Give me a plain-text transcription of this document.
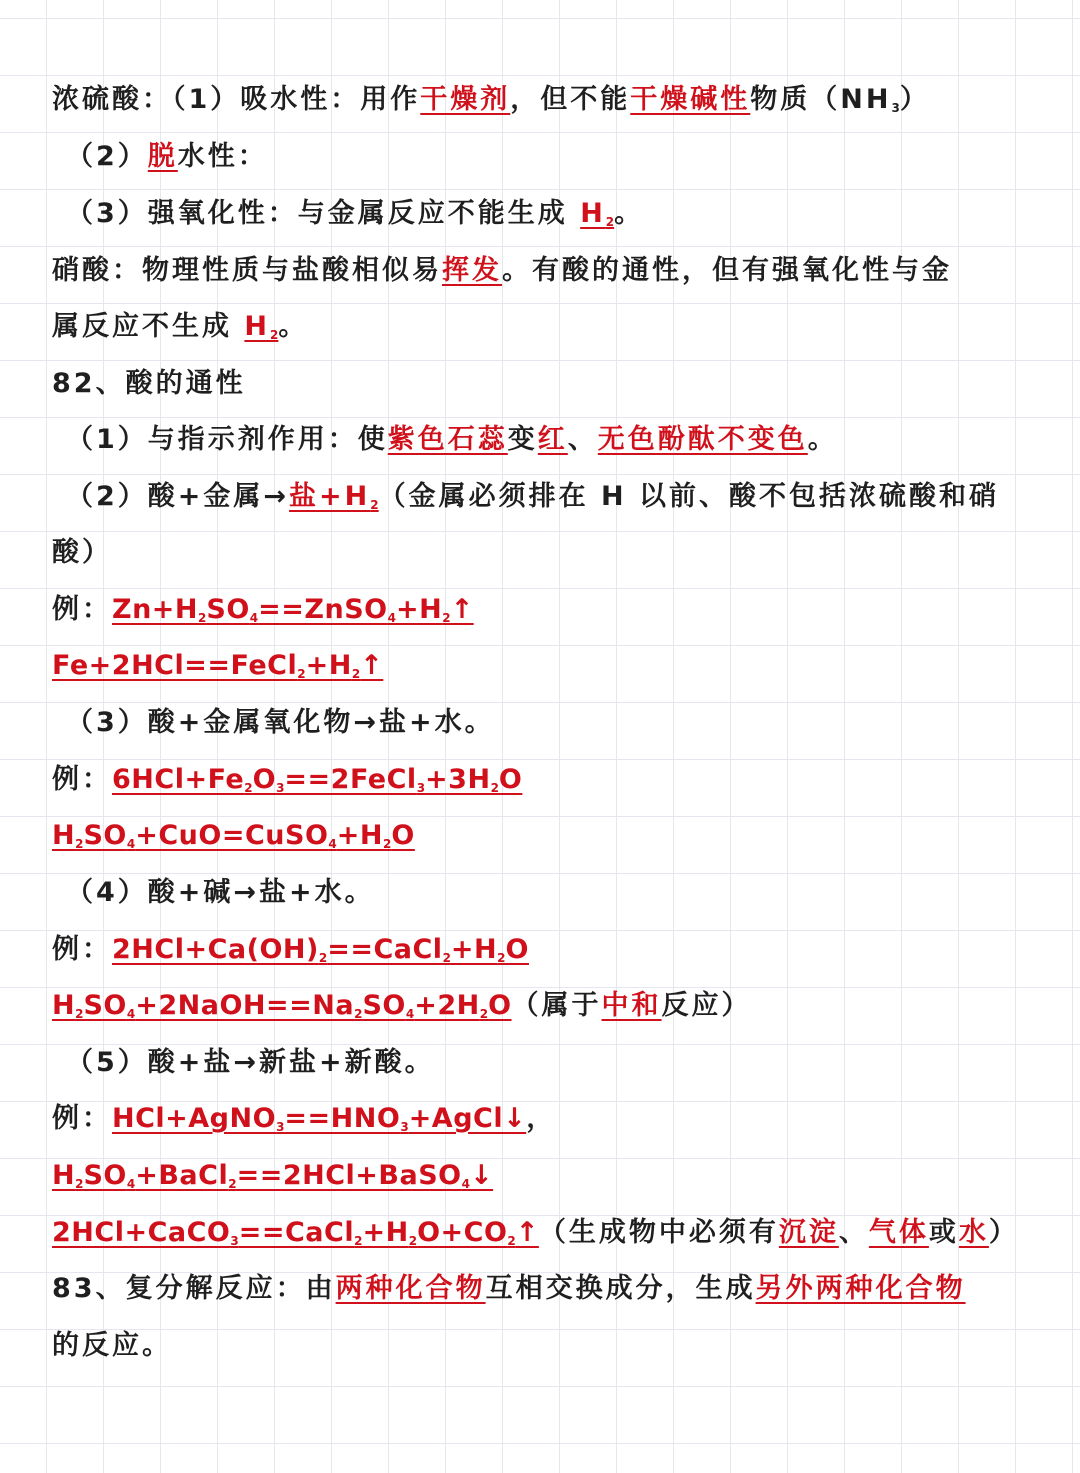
浓硫酸：（1）吸水性：用作干燥剂，但不能干燥碱性物质$(NH_3)$
（2）脱水性：
（3）强氧化性：与金属反应不能生成 $H_2$。
硝酸：物理性质与盐酸相似易挥发。有酸的通性，但有强氧化性与金
属反应不生成 $H_2$。
82、酸的通性
（1）与指示剂作用：使紫色石蕊变红、无色酚酞不变色。
（2）酸+金属→盐$+H_2$（金属必须排在 H 以前、酸不包括浓硫酸和硝
酸）
例：$Zn+H_2SO_4==ZnSO_4+H_2↑$
$Fe+2HCl==FeCl_2+H_2↑$
（3）酸+金属氧化物→盐+水。
例：$6HCl+Fe_2O_3==2FeCl_3+3H_2O$
$H_2SO_4+CuO=CuSO_4+H_2O$
（4）酸+碱→盐+水。
例：$2HCl+Ca(OH)_2==CaCl_2+H_2O$
$H_2SO_4+2NaOH==Na_2SO_4+2H_2O$（属于中和反应）
（5）酸+盐→新盐+新酸。
例：$HCl+AgNO_3==HNO_3+AgCl↓$，
$H_2SO_4+BaCl_2==2HCl+BaSO_4↓$
$2HCl+CaCO_3==CaCl_2+H_2O+CO_2↑$（生成物中必须有沉淀、气体或水）
83、复分解反应：由两种化合物互相交换成分，生成另外两种化合物
的反应。
